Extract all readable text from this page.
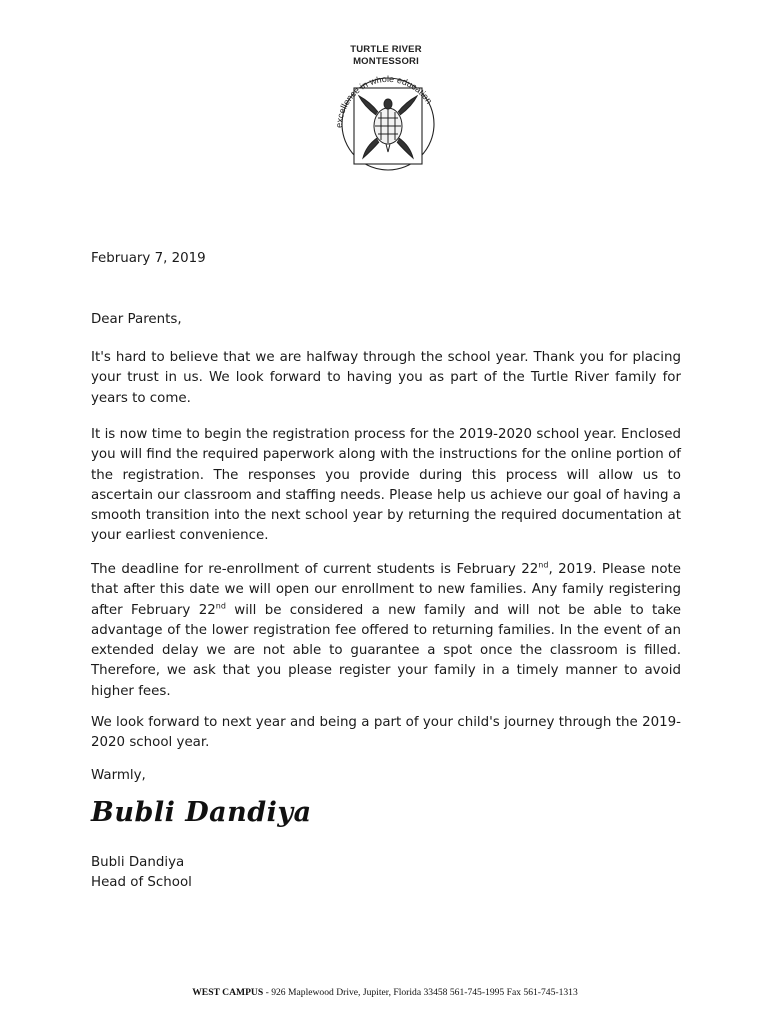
TURTLE RIVER
MONTESSORI
excellence in whole education
February 7, 2019
Dear Parents,
It's hard to believe that we are halfway through the school year. Thank you for placing your trust in us. We look forward to having you as part of the Turtle River family for years to come.
It is now time to begin the registration process for the 2019-2020 school year. Enclosed you will find the required paperwork along with the instructions for the online portion of the registration. The responses you provide during this process will allow us to ascertain our classroom and staffing needs. Please help us achieve our goal of having a smooth transition into the next school year by returning the required documentation at your earliest convenience.
The deadline for re-enrollment of current students is February 22nd, 2019. Please note that after this date we will open our enrollment to new families. Any family registering after February 22nd will be considered a new family and will not be able to take advantage of the lower registration fee offered to returning families. In the event of an extended delay we are not able to guarantee a spot once the classroom is filled. Therefore, we ask that you please register your family in a timely manner to avoid higher fees.
We look forward to next year and being a part of your child's journey through the 2019-2020 school year.
Warmly,
Bubli Dandiya
Bubli Dandiya
Head of School
WEST CAMPUS - 926 Maplewood Drive, Jupiter, Florida 33458 561-745-1995 Fax 561-745-1313
